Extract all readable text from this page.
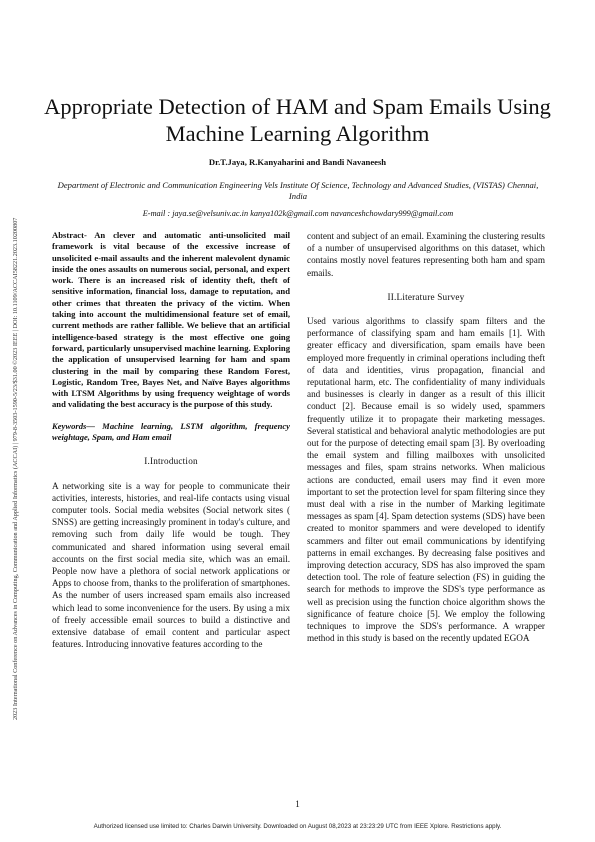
2023 International Conference on Advances in Computing, Communication and Applied Informatics (ACCAI) | 979-8-3503-1590-5/23/$31.00 ©2023 IEEE | DOI: 10.1109/ACCAI58221.2023.10200807
Appropriate Detection of HAM and Spam Emails Using Machine Learning Algorithm
Dr.T.Jaya, R.Kanyaharini and Bandi Navaneesh
Department of Electronic and Communication Engineering Vels Institute Of Science, Technology and Advanced Studies, (VISTAS) Chennai, India
E-mail : jaya.se@velsuniv.ac.in kanya102k@gmail.com navanceshchowdary999@gmail.com

Abstract- An clever and automatic anti-unsolicited mail framework is vital because of the excessive increase of unsolicited e-mail assaults and the inherent malevolent dynamic inside the ones assaults on numerous social, personal, and expert work. There is an increased risk of identity theft, theft of sensitive information, financial loss, damage to reputation, and other crimes that threaten the privacy of the victim. When taking into account the multidimensional feature set of email, current methods are rather fallible. We believe that an artificial intelligence-based strategy is the most effective one going forward, particularly unsupervised machine learning. Exploring the application of unsupervised learning for ham and spam clustering in the mail by comparing these Random Forest, Logistic, Random Tree, Bayes Net, and Naïve Bayes algorithms with LTSM Algorithms by using frequency weightage of words and validating the best accuracy is the purpose of this study.

Keywords— Machine learning, LSTM algorithm, frequency weightage, Spam, and Ham email

I.Introduction

A networking site is a way for people to communicate their activities, interests, histories, and real-life contacts using visual computer tools. Social media websites (Social network sites ( SNSS) are getting increasingly prominent in today's culture, and removing such from daily life would be tough. They communicated and shared information using several email accounts on the first social media site, which was an email. People now have a plethora of social network applications or Apps to choose from, thanks to the proliferation of smartphones. As the number of users increased spam emails also increased which lead to some inconvenience for the users. By using a mix of freely accessible email sources to build a distinctive and extensive database of email content and particular aspect features. Introducing innovative features according to the

content and subject of an email. Examining the clustering results of a number of unsupervised algorithms on this dataset, which contains mostly novel features representing both ham and spam emails.

II.Literature Survey

Used various algorithms to classify spam filters and the performance of classifying spam and ham emails [1]. With greater efficacy and diversification, spam emails have been employed more frequently in criminal operations including theft of data and identities, virus propagation, financial and reputational harm, etc. The confidentiality of many individuals and businesses is clearly in danger as a result of this illicit conduct [2]. Because email is so widely used, spammers frequently utilize it to propagate their marketing messages. Several statistical and behavioral analytic methodologies are put out for the purpose of detecting email spam [3]. By overloading the email system and filling mailboxes with unsolicited messages and files, spam strains networks. When malicious actions are conducted, email users may find it even more important to set the protection level for spam filtering since they must deal with a rise in the number of Marking legitimate messages as spam [4]. Spam detection systems (SDS) have been created to monitor spammers and were developed to identify scammers and filter out email communications by identifying patterns in email exchanges. By decreasing false positives and improving detection accuracy, SDS has also improved the spam detection tool. The role of feature selection (FS) in guiding the search for methods to improve the SDS's type performance as well as precision using the function choice algorithm shows the significance of feature choice [5]. We employ the following techniques to improve the SDS's performance. A wrapper method in this study is based on the recently updated EGOA

1
Authorized licensed use limited to: Charles Darwin University. Downloaded on August 08,2023 at 23:23:29 UTC from IEEE Xplore. Restrictions apply.
